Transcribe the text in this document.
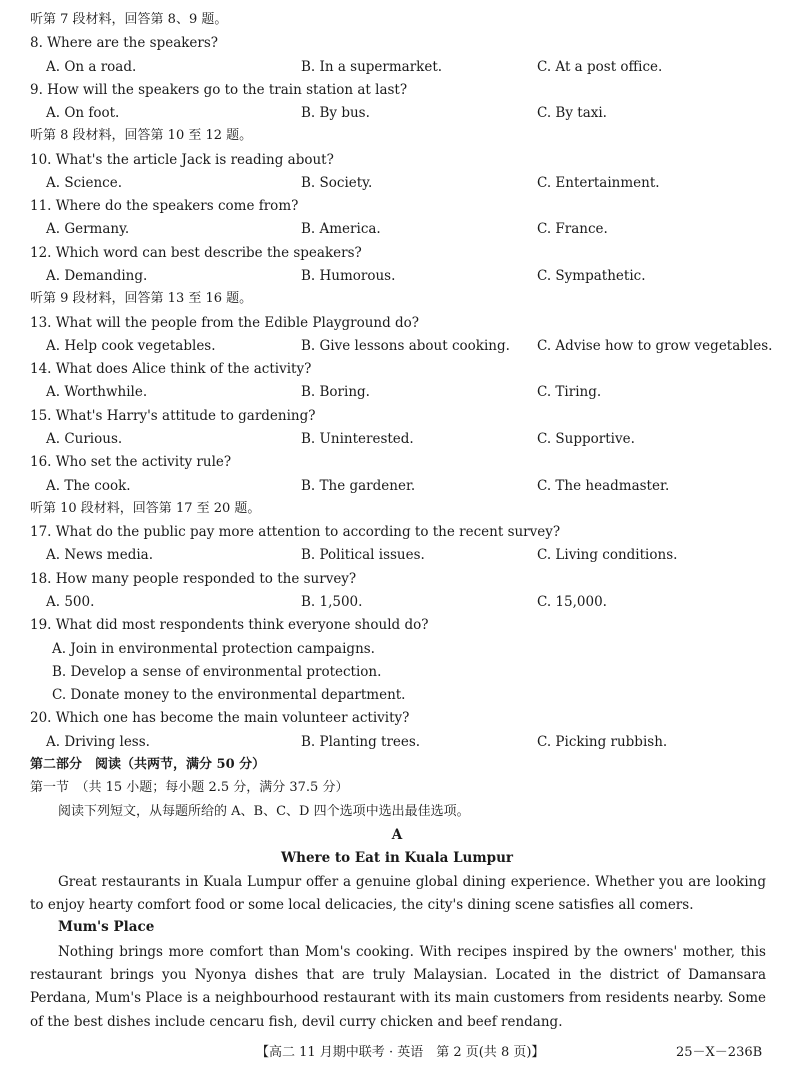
听第 7 段材料，回答第 8、9 题。
8. Where are the speakers?
A. On a road.	B. In a supermarket.	C. At a post office.
9. How will the speakers go to the train station at last?
A. On foot.	B. By bus.	C. By taxi.
听第 8 段材料，回答第 10 至 12 题。
10. What's the article Jack is reading about?
A. Science.	B. Society.	C. Entertainment.
11. Where do the speakers come from?
A. Germany.	B. America.	C. France.
12. Which word can best describe the speakers?
A. Demanding.	B. Humorous.	C. Sympathetic.
听第 9 段材料，回答第 13 至 16 题。
13. What will the people from the Edible Playground do?
A. Help cook vegetables.	B. Give lessons about cooking. C. Advise how to grow vegetables.
14. What does Alice think of the activity?
A. Worthwhile.	B. Boring.	C. Tiring.
15. What's Harry's attitude to gardening?
A. Curious.	B. Uninterested.	C. Supportive.
16. Who set the activity rule?
A. The cook.	B. The gardener.	C. The headmaster.
听第 10 段材料，回答第 17 至 20 题。
17. What do the public pay more attention to according to the recent survey?
A. News media.	B. Political issues.	C. Living conditions.
18. How many people responded to the survey?
A. 500.	B. 1,500.	C. 15,000.
19. What did most respondents think everyone should do?
A. Join in environmental protection campaigns.
B. Develop a sense of environmental protection.
C. Donate money to the environmental department.
20. Which one has become the main volunteer activity?
A. Driving less.	B. Planting trees.	C. Picking rubbish.
第二部分　阅读（共两节，满分 50 分）
第一节　（共 15 小题；每小题 2.5 分，满分 37.5 分）
阅读下列短文，从每题所给的 A、B、C、D 四个选项中选出最佳选项。
A
Where to Eat in Kuala Lumpur

Great restaurants in Kuala Lumpur offer a genuine global dining experience. Whether you are looking to enjoy hearty comfort food or some local delicacies, the city's dining scene satisfies all comers.

Mum's Place

Nothing brings more comfort than Mom's cooking. With recipes inspired by the owners' mother, this restaurant brings you Nyonya dishes that are truly Malaysian. Located in the district of Damansara Perdana, Mum's Place is a neighbourhood restaurant with its main customers from residents nearby. Some of the best dishes include cencaru fish, devil curry chicken and beef rendang.

【高二 11 月期中联考 · 英语　第 2 页(共 8 页)】	25－X－236B
